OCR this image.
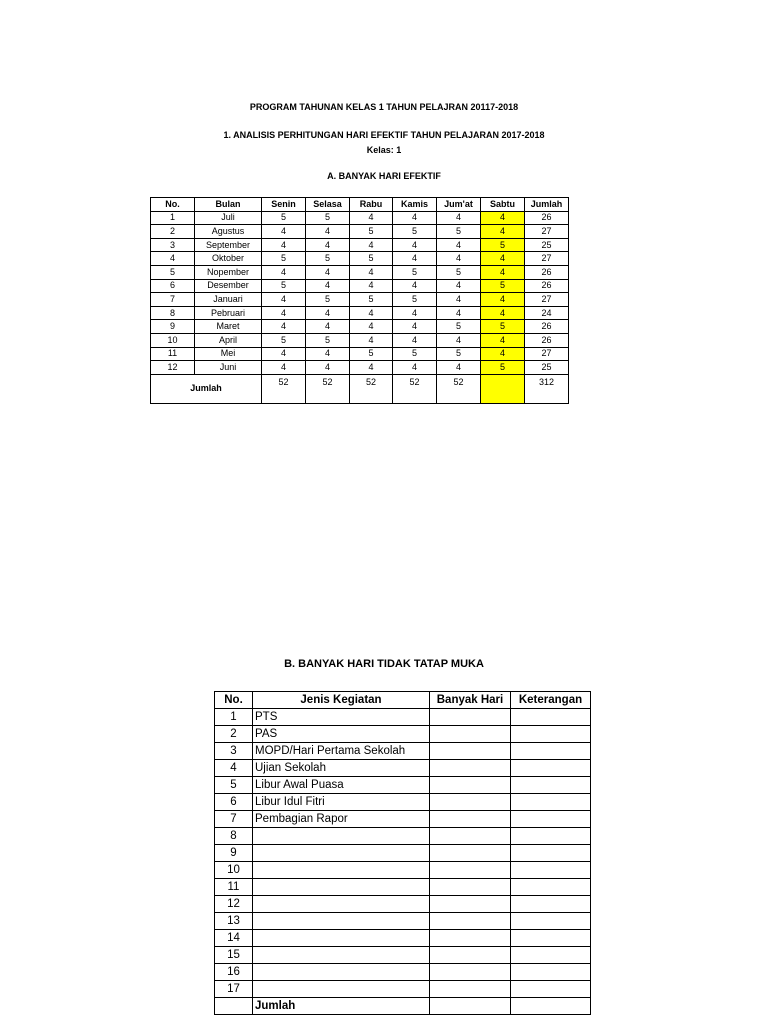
PROGRAM TAHUNAN KELAS 1 TAHUN PELAJRAN 20117-2018
1. ANALISIS PERHITUNGAN HARI EFEKTIF TAHUN PELAJARAN 2017-2018
Kelas: 1
A. BANYAK HARI EFEKTIF
No.	Bulan	Senin	Selasa	Rabu	Kamis	Jum'at	Sabtu	Jumlah
1	Juli	5	5	4	4	4	4	26
2	Agustus	4	4	5	5	5	4	27
3	September	4	4	4	4	4	5	25
4	Oktober	5	5	5	4	4	4	27
5	Nopember	4	4	4	5	5	4	26
6	Desember	5	4	4	4	4	5	26
7	Januari	4	5	5	5	4	4	27
8	Pebruari	4	4	4	4	4	4	24
9	Maret	4	4	4	4	5	5	26
10	April	5	5	4	4	4	4	26
11	Mei	4	4	5	5	5	4	27
12	Juni	4	4	4	4	4	5	25
Jumlah		52	52	52	52	52		312
B. BANYAK HARI TIDAK TATAP MUKA
No.	Jenis Kegiatan	Banyak Hari	Keterangan
1	PTS		
2	PAS		
3	MOPD/Hari Pertama Sekolah		
4	Ujian Sekolah		
5	Libur Awal Puasa		
6	Libur Idul Fitri		
7	Pembagian Rapor		
8			
9			
10			
11			
12			
13			
14			
15			
16			
17			
	Jumlah		
